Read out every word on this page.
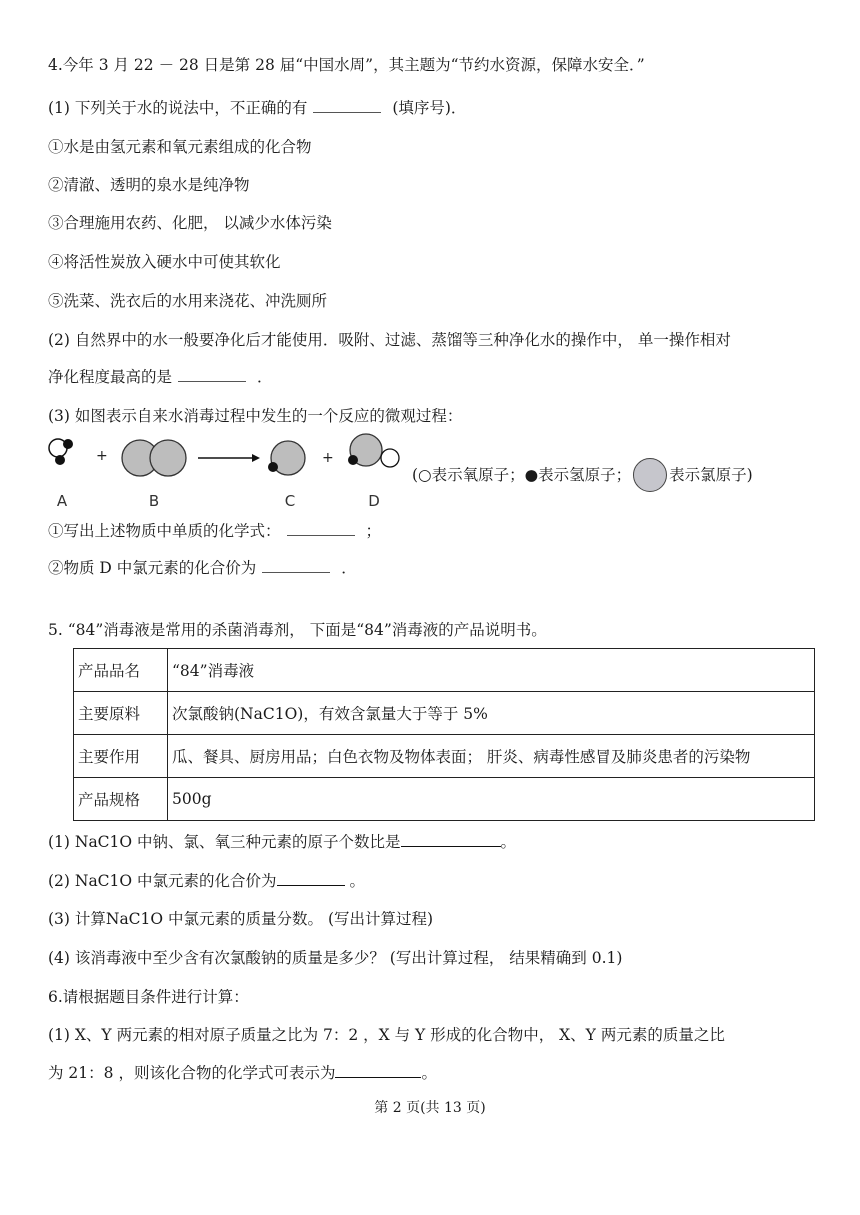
4.今年 3 月 22 － 28 日是第 28 届“中国水周”，其主题为“节约水资源，保障水安全．”
(1) 下列关于水的说法中，不正确的有	(填序号)．
①水是由氢元素和氧元素组成的化合物
②清澈、透明的泉水是纯净物
③合理施用农药、化肥， 以减少水体污染
④将活性炭放入硬水中可使其软化
⑤洗菜、洗衣后的水用来浇花、冲洗厕所
(2) 自然界中的水一般要净化后才能使用．吸附、过滤、蒸馏等三种净化水的操作中， 单一操作相对
净化程度最高的是	．
(3) 如图表示自来水消毒过程中发生的一个反应的微观过程：
+	+
A	B	C	D
(○表示氧原子；●表示氢原子； 表示氯原子)
①写出上述物质中单质的化学式：	；
②物质 D 中氯元素的化合价为	．
5. “84”消毒液是常用的杀菌消毒剂， 下面是“84”消毒液的产品说明书。
产品品名	“84”消毒液
主要原料	次氯酸钠(NaC1O)，有效含氯量大于等于 5%
主要作用	瓜、餐具、厨房用品；白色衣物及物体表面； 肝炎、病毒性感冒及肺炎患者的污染物
产品规格	500g
(1) NaC1O 中钠、氯、氧三种元素的原子个数比是	。
(2) NaC1O 中氯元素的化合价为	。
(3) 计算NaC1O 中氯元素的质量分数。 (写出计算过程)
(4) 该消毒液中至少含有次氯酸钠的质量是多少？ (写出计算过程， 结果精确到 0.1)
6.请根据题目条件进行计算：
(1) X、Y 两元素的相对原子质量之比为 7：2 ，X 与 Y 形成的化合物中， X、Y 两元素的质量之比
为 21：8 ，则该化合物的化学式可表示为	。
第 2 页(共 13 页)
